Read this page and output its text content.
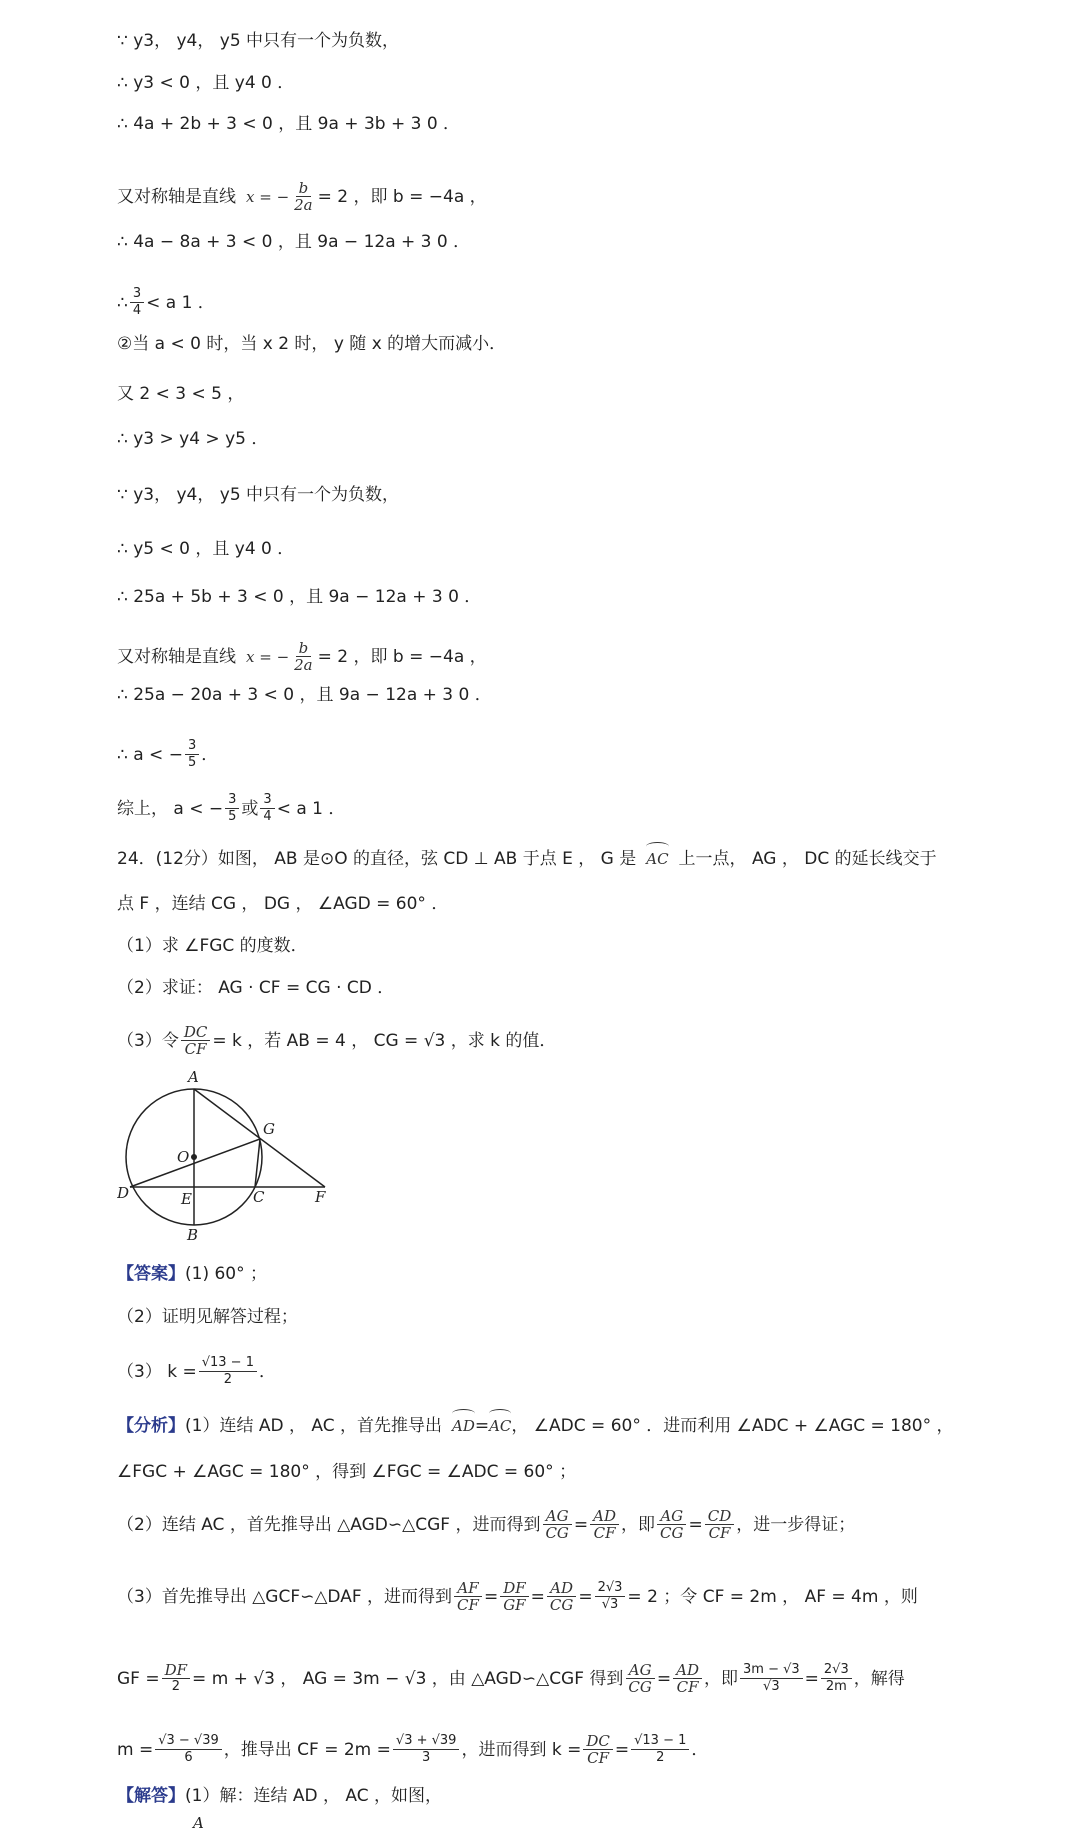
∵ y3， y4， y5 中只有一个为负数，
∴ y3 < 0 ，且 y4 0 ．
∴ 4a + 2b + 3 < 0 ，且 9a + 3b + 3 0 ．
又对称轴是直线 x = − $\frac{b}{2a} = 2$ ，即 b = −4a ，
∴ 4a − 8a + 3 < 0 ，且 9a − 12a + 3 0 ．
∴ $\frac{3}{4} < a$ 1 ．
②当 a < 0 时，当 x 2 时， y 随 x 的增大而减小．
又 2 < 3 < 5 ，
∴ y3 > y4 > y5 ．
∵ y3， y4， y5 中只有一个为负数，
∴ y5 < 0 ，且 y4 0 ．
∴ 25a + 5b + 3 < 0 ，且 9a − 12a + 3 0 ．
又对称轴是直线 x = − $\frac{b}{2a} = 2$ ，即 b = −4a ，
∴ 25a − 20a + 3 < 0 ，且 9a − 12a + 3 0 ．
∴ a < − $\frac{3}{5}$ ．
综上， a < − $\frac{3}{5}$ 或 $\frac{3}{4} < a$ 1 ．
24．(12分）如图， AB 是⊙O 的直径，弦 CD ⊥ AB 于点 E ， G 是 AC 上一点， AG ， DC 的延长线交于
点 F ，连结 CG ， DG ， ∠AGD = 60° ．
（1）求 ∠FGC 的度数．
（2）求证： AG · CF = CG · CD ．
（3）令 $\frac{DC}{CF} = k$ ，若 AB = 4 ， CG = √3 ，求 k 的值．
A
G
O
D	E	C	F
B
【答案】 (1) 60° ；
（2）证明见解答过程；
（3） $k = \frac{√13 - 1}{2}$ ．
【分析】 (1）连结 AD ， AC ，首先推导出 AD = AC ， ∠ADC = 60° ．进而利用 ∠ADC + ∠AGC = 180° ，
∠FGC + ∠AGC = 180° ，得到 ∠FGC = ∠ADC = 60° ；
（2）连结 AC ，首先推导出 △AGD∽△CGF ，进而得到 $\frac{AG}{CG} = \frac{AD}{CF}$ ，即 $\frac{AG}{CG} = \frac{CD}{CF}$ ，进一步得证；
（3）首先推导出 △GCF∽△DAF ，进而得到 $\frac{AF}{CF} = \frac{DF}{GF} = \frac{AD}{CG} = \frac{2√3}{√3} = 2$ ；令 CF = 2m ， AF = 4m ，则
GF = $\frac{DF}{2} = m + √3$ ， AG = 3m − √3 ，由 △AGD∽△CGF 得到 $\frac{AG}{CG} = \frac{AD}{CF}$ ，即 $\frac{3m - √3}{√3} = \frac{2√3}{2m}$ ，解得
$m = \frac{√3 - √39}{6}$ ，推导出 CF = $2m = \frac{√3 + √39}{3}$ ，进而得到 $k = \frac{DC}{CF} = \frac{√13 - 1}{2}$ ．
【解答】 (1）解：连结 AD ， AC ，如图，
A
